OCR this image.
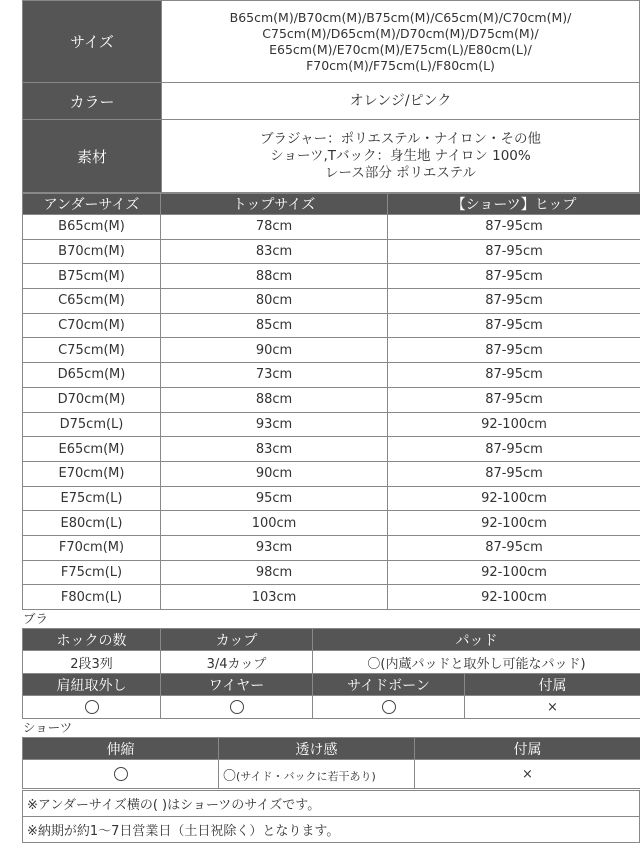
サイズ	B65cm(M)/B70cm(M)/B75cm(M)/C65cm(M)/C70cm(M)/
C75cm(M)/D65cm(M)/D70cm(M)/D75cm(M)/
E65cm(M)/E70cm(M)/E75cm(L)/E80cm(L)/
F70cm(M)/F75cm(L)/F80cm(L)

カラー	オレンジ/ピンク
素材	ブラジャー：ポリエステル・ナイロン・その他
ショーツ,Tバック：身生地 ナイロン 100%
レース部分 ポリエステル
アンダーサイズ	トップサイズ	【ショーツ】ヒップ
B65cm(M)	78cm	87-95cm
B70cm(M)	83cm	87-95cm
B75cm(M)	88cm	87-95cm
C65cm(M)	80cm	87-95cm
C70cm(M)	85cm	87-95cm
C75cm(M)	90cm	87-95cm
D65cm(M)	73cm	87-95cm
D70cm(M)	88cm	87-95cm
D75cm(L)	93cm	92-100cm
E65cm(M)	83cm	87-95cm
E70cm(M)	90cm	87-95cm
E75cm(L)	95cm	92-100cm
E80cm(L)	100cm	92-100cm
F70cm(M)	93cm	87-95cm
F75cm(L)	98cm	92-100cm
F80cm(L)	103cm	92-100cm
ブラ
ホックの数	カップ	パッド	
2段3列	3/4カップ	〇(内蔵パッドと取外し可能なパッド)	
肩紐取外し	ワイヤー	サイドボーン	付属
			×
ショーツ
伸縮	透け感	付属
	〇(サイド・バックに若干あり)	×
※アンダーサイズ横の( )はショーツのサイズです。
※納期が約1〜7日営業日（土日祝除く）となります。
